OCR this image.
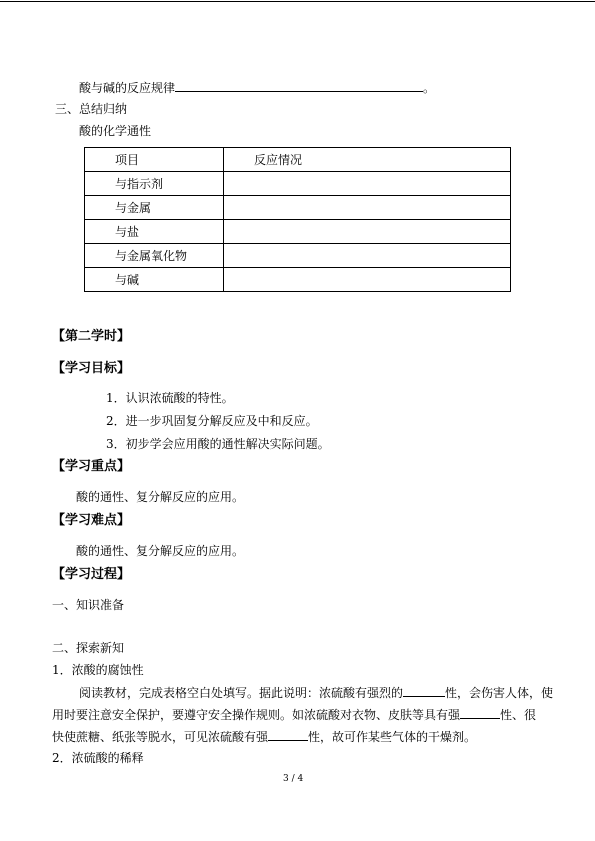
酸与碱的反应规律	。
三、总结归纳
酸的化学通性
项目	反应情况
与指示剂	
与金属	
与盐	
与金属氧化物	
与碱	
【第二学时】
【学习目标】
1．认识浓硫酸的特性。
2．进一步巩固复分解反应及中和反应。
3．初步学会应用酸的通性解决实际问题。
【学习重点】
酸的通性、复分解反应的应用。
【学习难点】
酸的通性、复分解反应的应用。
【学习过程】
一、知识准备
二、探索新知
1．浓酸的腐蚀性
阅读教材，完成表格空白处填写。据此说明：浓硫酸有强烈的	性，会伤害人体，使
用时要注意安全保护，要遵守安全操作规则。如浓硫酸对衣物、皮肤等具有强	性、很
快使蔗糖、纸张等脱水，可见浓硫酸有强	性，故可作某些气体的干燥剂。
2．浓硫酸的稀释
3 / 4
